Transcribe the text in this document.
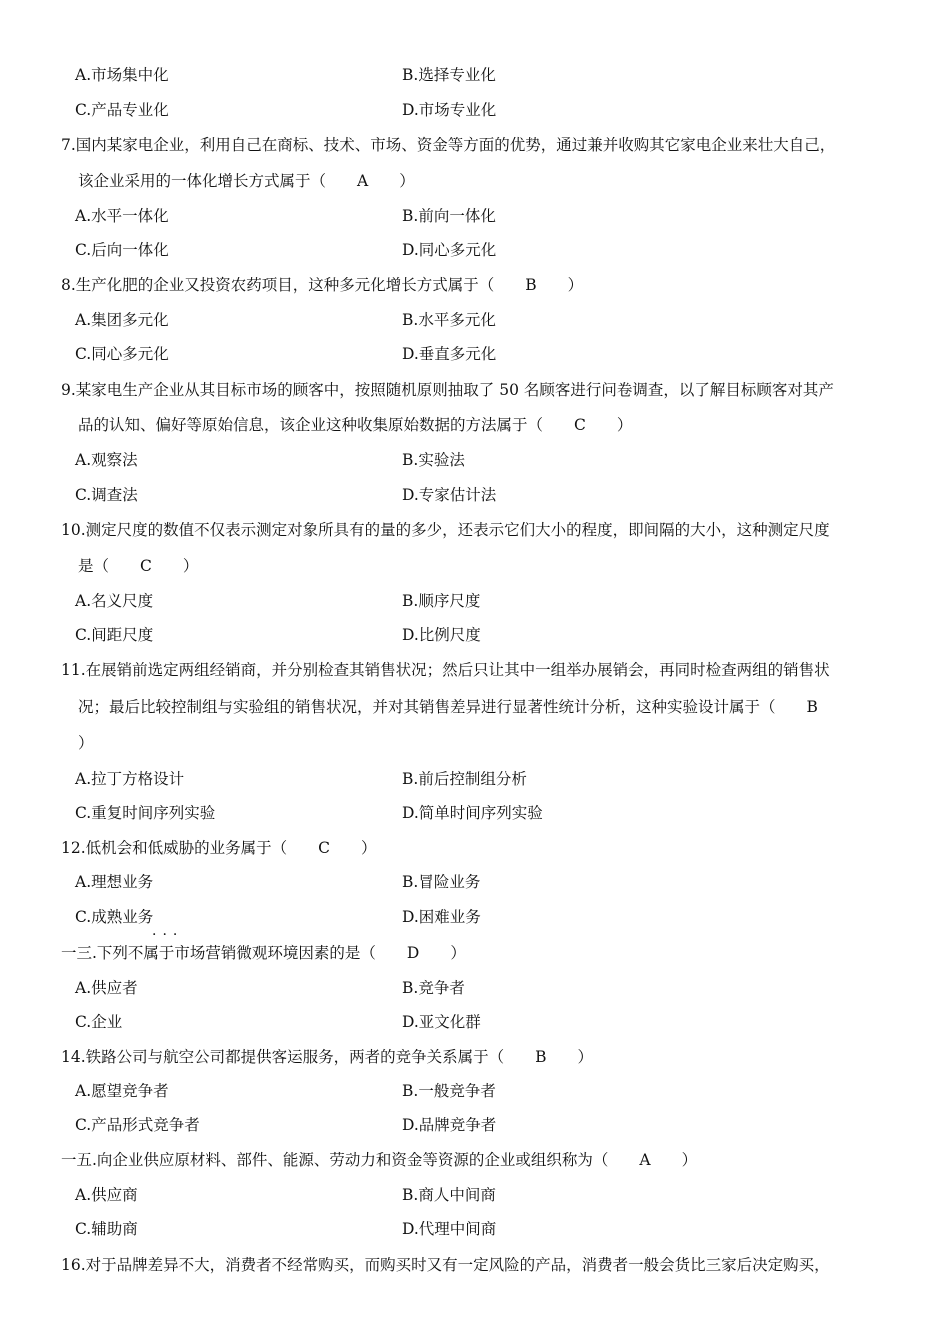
A.市场集中化	B.选择专业化
C.产品专业化	D.市场专业化
7.国内某家电企业，利用自己在商标、技术、市场、资金等方面的优势，通过兼并收购其它家电企业来壮大自己，
该企业采用的一体化增长方式属于（　　A　　）
A.水平一体化	B.前向一体化
C.后向一体化	D.同心多元化
8.生产化肥的企业又投资农药项目，这种多元化增长方式属于（　　B　　）
A.集团多元化	B.水平多元化
C.同心多元化	D.垂直多元化
9.某家电生产企业从其目标市场的顾客中，按照随机原则抽取了 50 名顾客进行问卷调查，以了解目标顾客对其产
品的认知、偏好等原始信息，该企业这种收集原始数据的方法属于（　　C　　）
A.观察法	B.实验法
C.调查法	D.专家估计法
10.测定尺度的数值不仅表示测定对象所具有的量的多少，还表示它们大小的程度，即间隔的大小，这种测定尺度
是（　　C　　）
A.名义尺度	B.顺序尺度
C.间距尺度	D.比例尺度
11.在展销前选定两组经销商，并分别检查其销售状况；然后只让其中一组举办展销会，再同时检查两组的销售状
况；最后比较控制组与实验组的销售状况，并对其销售差异进行显著性统计分析，这种实验设计属于（　　B
）
A.拉丁方格设计	B.前后控制组分析
C.重复时间序列实验	D.简单时间序列实验
12.低机会和低威胁的业务属于（　　C　　）
A.理想业务	B.冒险业务
C.成熟业务	D.困难业务
···
一三.下列不属于市场营销微观环境因素的是（　　D　　）
A.供应者	B.竞争者
C.企业	D.亚文化群
14.铁路公司与航空公司都提供客运服务，两者的竞争关系属于（　　B　　）
A.愿望竞争者	B.一般竞争者
C.产品形式竞争者	D.品牌竞争者
一五.向企业供应原材料、部件、能源、劳动力和资金等资源的企业或组织称为（　　A　　）
A.供应商	B.商人中间商
C.辅助商	D.代理中间商
16.对于品牌差异不大，消费者不经常购买，而购买时又有一定风险的产品，消费者一般会货比三家后决定购买，
